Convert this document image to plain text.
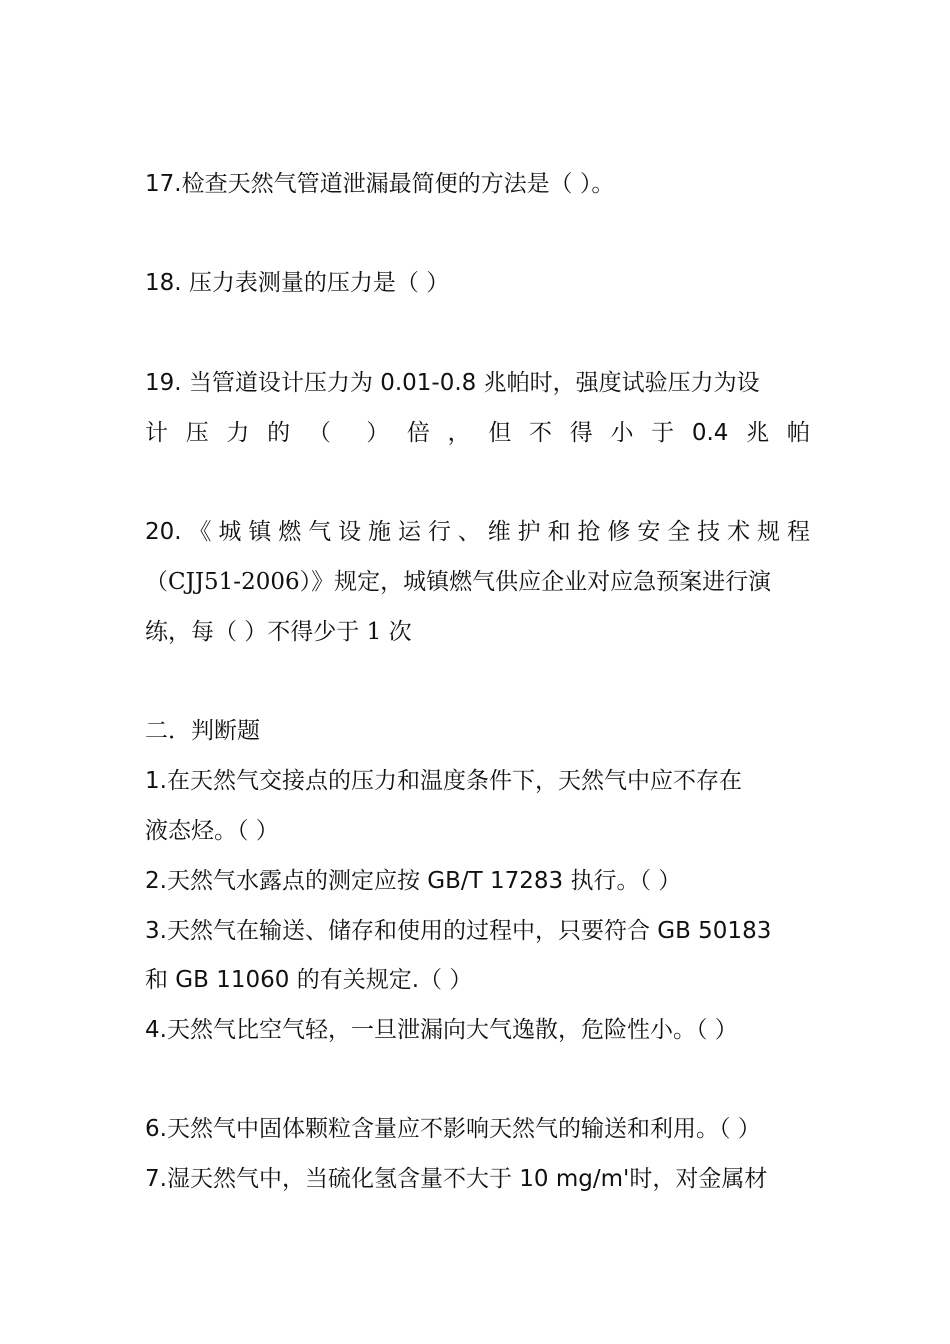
17.检查天然气管道泄漏最简便的方法是（ ）。
18. 压力表测量的压力是（ ）
19. 当管道设计压力为 0.01-0.8 兆帕时，强度试验压力为设
计 压 力 的 （ ） 倍 ， 但 不 得 小 于 0.4 兆 帕
20. 《 城 镇 燃 气 设 施 运 行 、 维 护 和 抢 修 安 全 技 术 规 程
（CJJ51-2006）》规定，城镇燃气供应企业对应急预案进行演
练，每（ ）不得少于 1 次
二．判断题
1.在天然气交接点的压力和温度条件下，天然气中应不存在
液态烃。（ ）
2.天然气水露点的测定应按 GB/T 17283 执行。（ ）
3.天然气在输送、储存和使用的过程中，只要符合 GB 50183
和 GB 11060 的有关规定.（ ）
4.天然气比空气轻，一旦泄漏向大气逸散，危险性小。（ ）
6.天然气中固体颗粒含量应不影响天然气的输送和利用。（ ）
7.湿天然气中，当硫化氢含量不大于 10 mg/m'时，对金属材
